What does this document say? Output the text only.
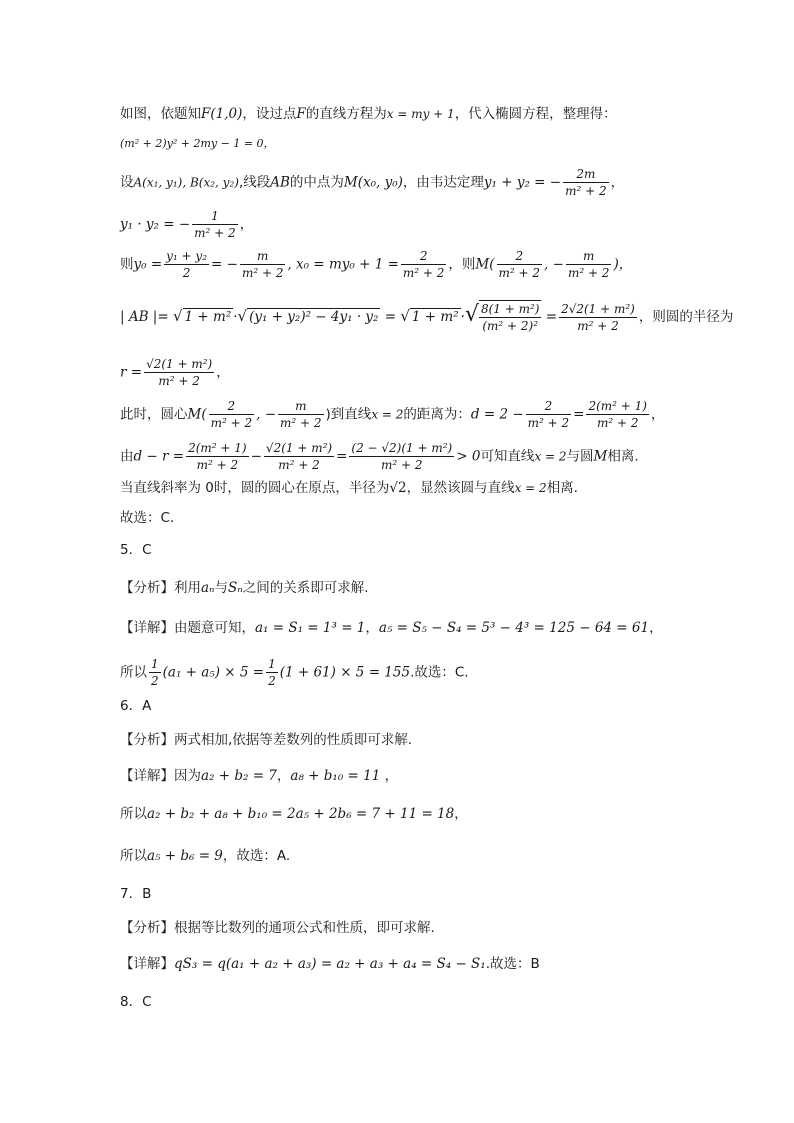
如图，依题知F(1,0)，设过点F的直线方程为x = my + 1，代入椭圆方程，整理得：
(m² + 2)y² + 2my − 1 = 0，
设A(x₁, y₁), B(x₂, y₂),线段AB的中点为M(x₀, y₀)，由韦达定理y₁ + y₂ = − $\frac{2m}{\text{m² + 2}}$ ，
y₁ · y₂ = − $\frac{1}{\text{m² + 2}}$ ，
则$y_0 = \frac{\text{y₁ + y₂}}{2}$ = − $\frac{m}{\text{m² + 2}}$ , $x_0 = my_0 + 1 = \frac{2}{\text{m² + 2}}$ ，则$M( \frac{2}{\text{m² + 2}}$ , − $\frac{m}{\text{m² + 2}}$ )，
| AB |= √ 1 + m² ·√ (y₁ + y₂)² − 4y₁ · y₂ = √ 1 + m² ·√ $\frac{\text{8(1 + m²)}}{\text{(m² + 2)²}} = \frac{\text{2√2(1 + m²)}}{\text{m² + 2}}$ ，则圆的半径为
$r = \frac{\text{√2(1 + m²)}}{\text{m² + 2}}$ ，
此时，圆心$M( \frac{2}{\text{m² + 2}}$ , − $\frac{m}{\text{m² + 2}}$ )到直线x = 2的距离为：$d = 2 - \frac{2}{\text{m² + 2}} = \frac{\text{2(m² + 1)}}{\text{m² + 2}}$ ，
由$d - r = \frac{\text{2(m² + 1)}}{\text{m² + 2}} - \frac{\text{√2(1 + m²)}}{\text{m² + 2}} = \frac{\text{(2 − √2)(1 + m²)}}{\text{m² + 2}} > 0$可知直线x = 2与圆M相离.
当直线斜率为 0时，圆的圆心在原点，半径为√2，显然该圆与直线x = 2相离.
故选：C.
5．C
【分析】利用aₙ与Sₙ之间的关系即可求解.
【详解】由题意可知，a₁ = S₁ = 1³ = 1，a₅ = S₅ − S₄ = 5³ − 4³ = 125 − 64 = 61，
所以 $\frac{1}{2} (a_1 + a_5) \times 5 = \frac{1}{2} (1 + 61) \times 5 = 155$.故选：C.
6．A
【分析】两式相加,依据等差数列的性质即可求解.
【详解】因为a₂ + b₂ = 7，a₈ + b₁₀ = 11 ，
所以a₂ + b₂ + a₈ + b₁₀ = 2a₅ + 2b₆ = 7 + 11 = 18，
所以a₅ + b₆ = 9，故选：A.
7．B
【分析】根据等比数列的通项公式和性质，即可求解.
【详解】qS₃ = q(a₁ + a₂ + a₃) = a₂ + a₃ + a₄ = S₄ − S₁.故选：B
8．C
